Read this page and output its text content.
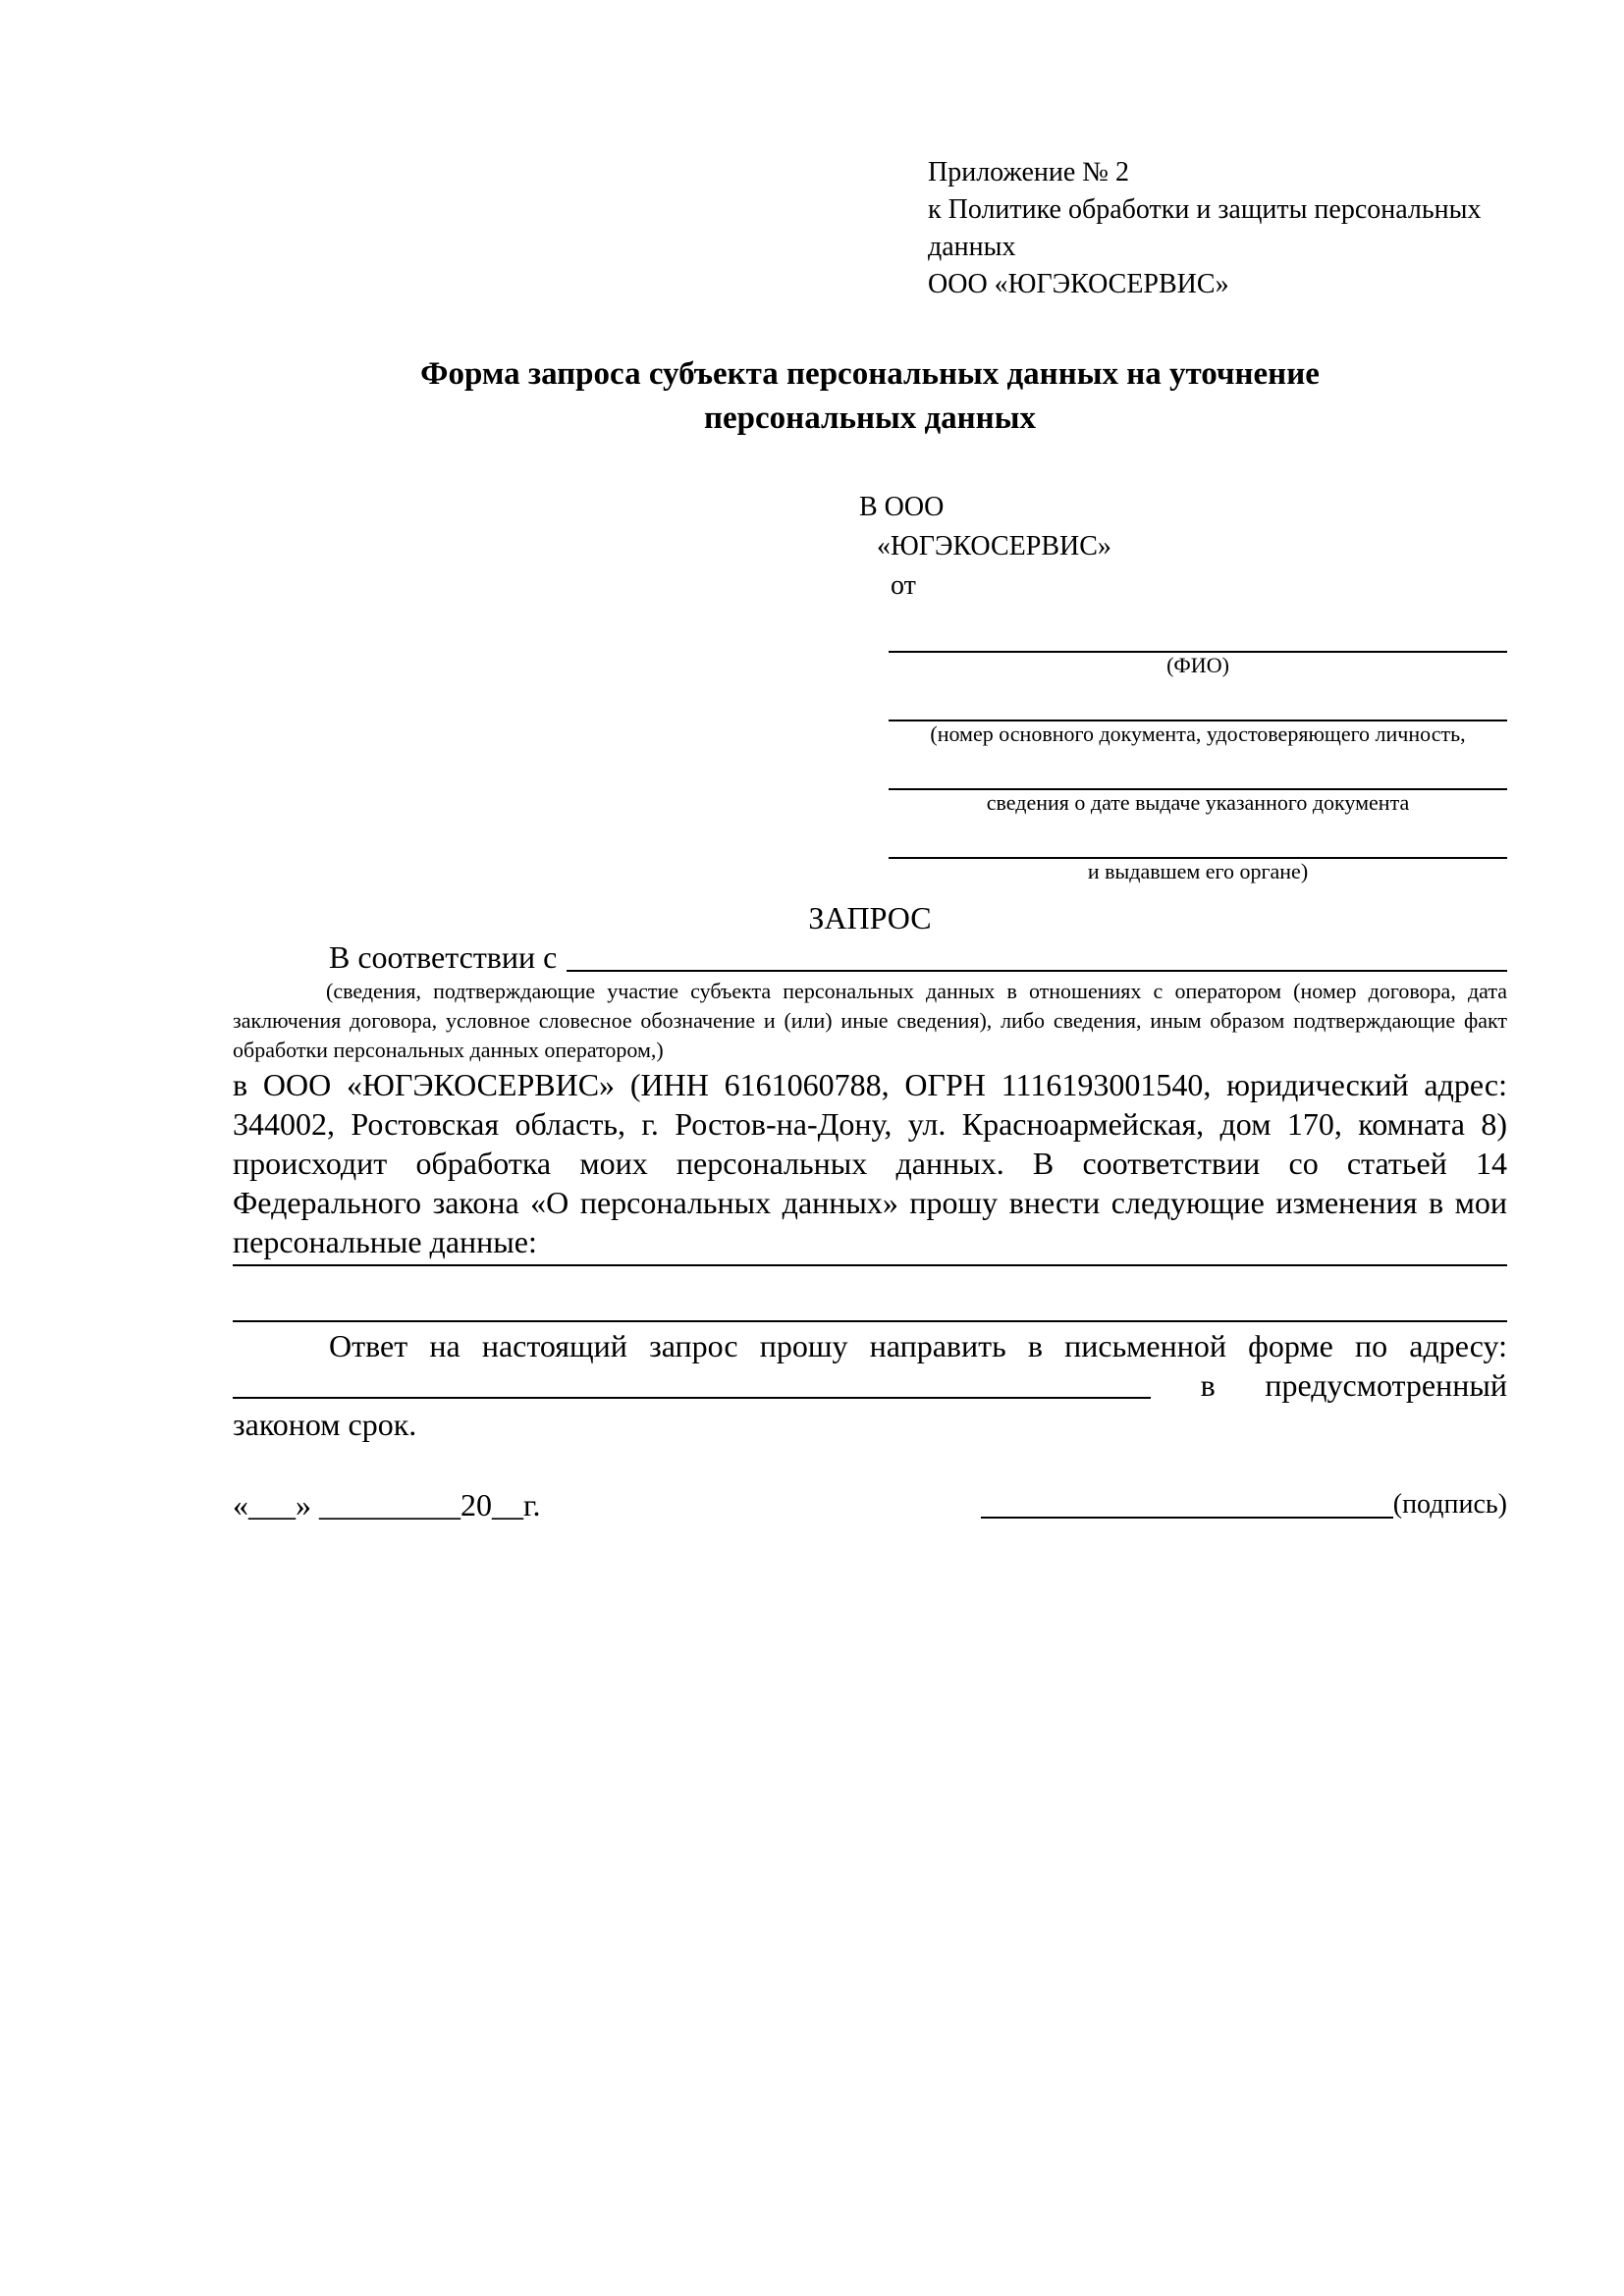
Приложение № 2
к Политике обработки и защиты персональных данных
ООО «ЮГЭКОСЕРВИС»
Форма запроса субъекта персональных данных на уточнение
персональных данных
В ООО
«ЮГЭКОСЕРВИС»
от
(ФИО)
(номер основного документа, удостоверяющего личность,
сведения о дате выдаче указанного документа
и выдавшем его органе)
ЗАПРОС
В соответствии с
(сведения, подтверждающие участие субъекта персональных данных в отношениях с оператором (номер договора, дата заключения договора, условное словесное обозначение и (или) иные сведения), либо сведения, иным образом подтверждающие факт обработки персональных данных оператором,)
в ООО «ЮГЭКОСЕРВИС» (ИНН 6161060788, ОГРН 1116193001540, юридический адрес: 344002, Ростовская область, г. Ростов-на-Дону, ул. Красноармейская, дом 170, комната 8) происходит обработка моих персональных данных. В соответствии со статьей 14 Федерального закона «О персональных данных» прошу внести следующие изменения в мои персональные данные:
Ответ на настоящий запрос прошу направить в письменной форме по адресу:
в предусмотренный
законом срок.
«___» _________20__г.	(подпись)
